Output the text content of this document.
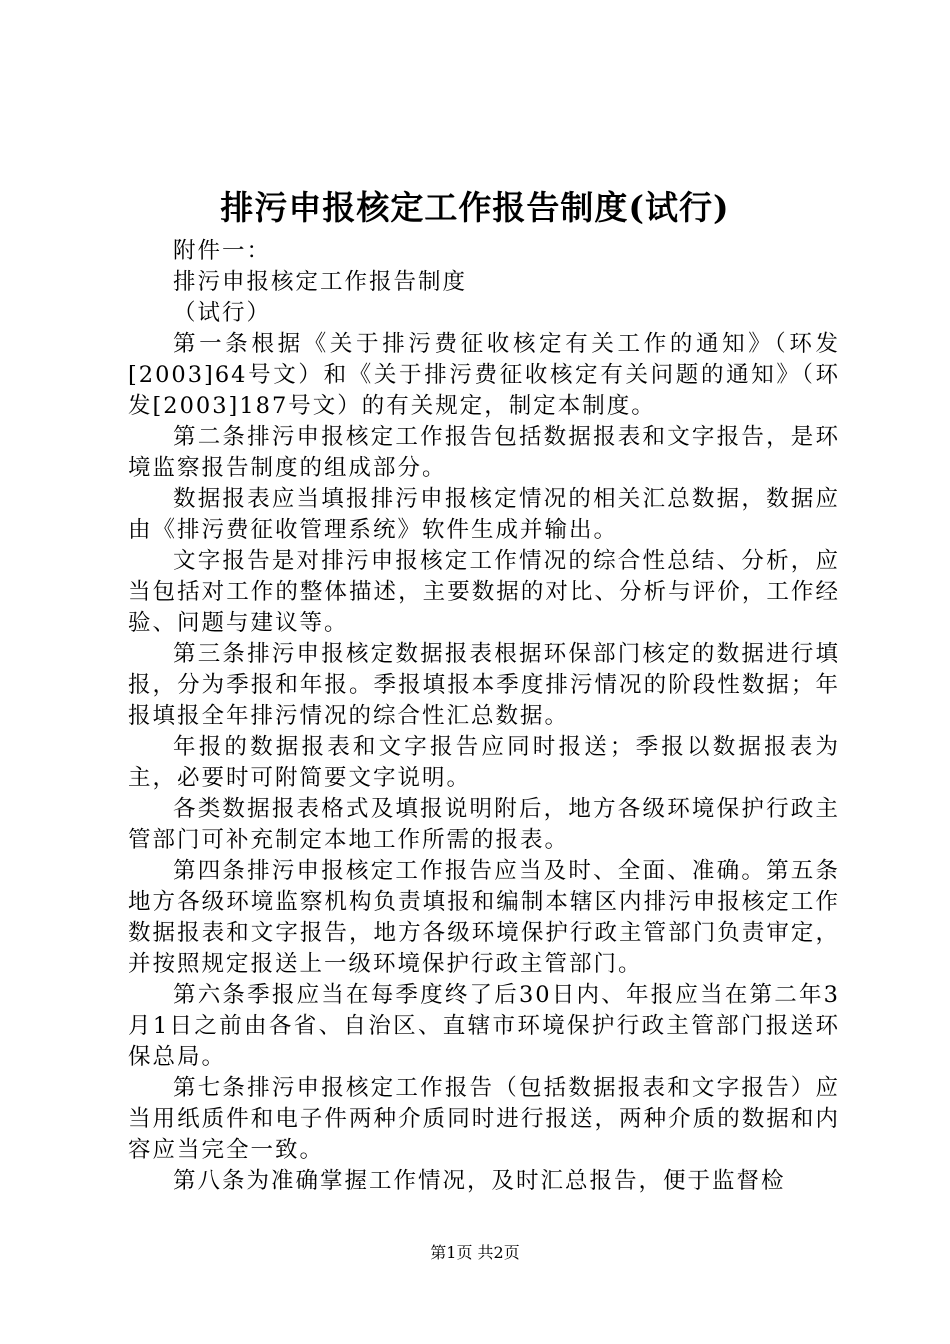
排污申报核定工作报告制度(试行)

附件一：

排污申报核定工作报告制度

（试行）

第一条根据《关于排污费征收核定有关工作的通知》（环发[2003]64号文）和《关于排污费征收核定有关问题的通知》（环发[2003]187号文）的有关规定，制定本制度。

第二条排污申报核定工作报告包括数据报表和文字报告，是环境监察报告制度的组成部分。

数据报表应当填报排污申报核定情况的相关汇总数据，数据应由《排污费征收管理系统》软件生成并输出。

文字报告是对排污申报核定工作情况的综合性总结、分析，应当包括对工作的整体描述，主要数据的对比、分析与评价，工作经验、问题与建议等。

第三条排污申报核定数据报表根据环保部门核定的数据进行填报，分为季报和年报。季报填报本季度排污情况的阶段性数据；年报填报全年排污情况的综合性汇总数据。

年报的数据报表和文字报告应同时报送；季报以数据报表为主，必要时可附简要文字说明。

各类数据报表格式及填报说明附后，地方各级环境保护行政主管部门可补充制定本地工作所需的报表。

第四条排污申报核定工作报告应当及时、全面、准确。第五条地方各级环境监察机构负责填报和编制本辖区内排污申报核定工作数据报表和文字报告，地方各级环境保护行政主管部门负责审定，并按照规定报送上一级环境保护行政主管部门。

第六条季报应当在每季度终了后30日内、年报应当在第二年3月1日之前由各省、自治区、直辖市环境保护行政主管部门报送环保总局。

第七条排污申报核定工作报告（包括数据报表和文字报告）应当用纸质件和电子件两种介质同时进行报送，两种介质的数据和内容应当完全一致。

第八条为准确掌握工作情况，及时汇总报告，便于监督检

第1页 共2页
